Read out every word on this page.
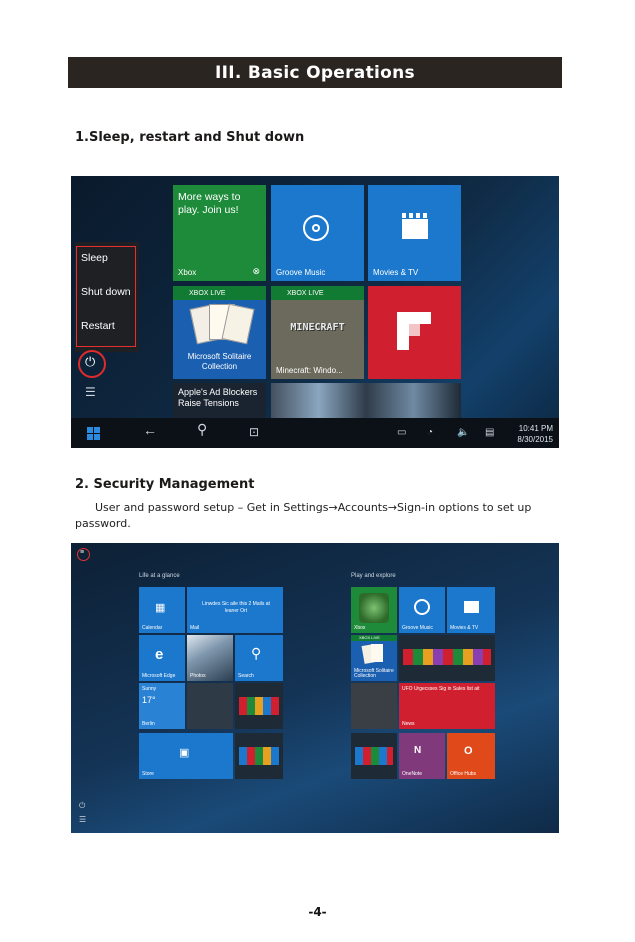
III. Basic Operations
1.Sleep, restart and Shut down
Sleep
Shut down
Restart
⏻
☰
More ways to play. Join us!
Xbox	⊗ Groove Music	Movies & TV
XBOX LIVE
Microsoft Solitaire Collection
XBOX LIVE
MINECRAFT
Minecraft: Windo...
Apple's Ad Blockers Raise Tensions
←	⚲	⊡	▭ ◔ 🔈 ▤	10:41 PM
8/30/2015
2. Security Management
User and password setup – Get in Settings→Accounts→Sign-in options to set up password.
≡
Life at a glance	Play and explore
▦
Calendar
Linwdes Sic aile this 2 Mails at leaner Ort
Mail
e
Microsoft Edge	Photos
⚲
Search
Sunny
17°
Berlin
▣
Store
Xbox	Groove Music	Movies & TV
XBOX LIVE
Microsoft Solitaire Collection
UFO Urgecsses Sig in Sales list ait
News
N
OneNote
O
Office Hubs
⏻
☰
-4-
